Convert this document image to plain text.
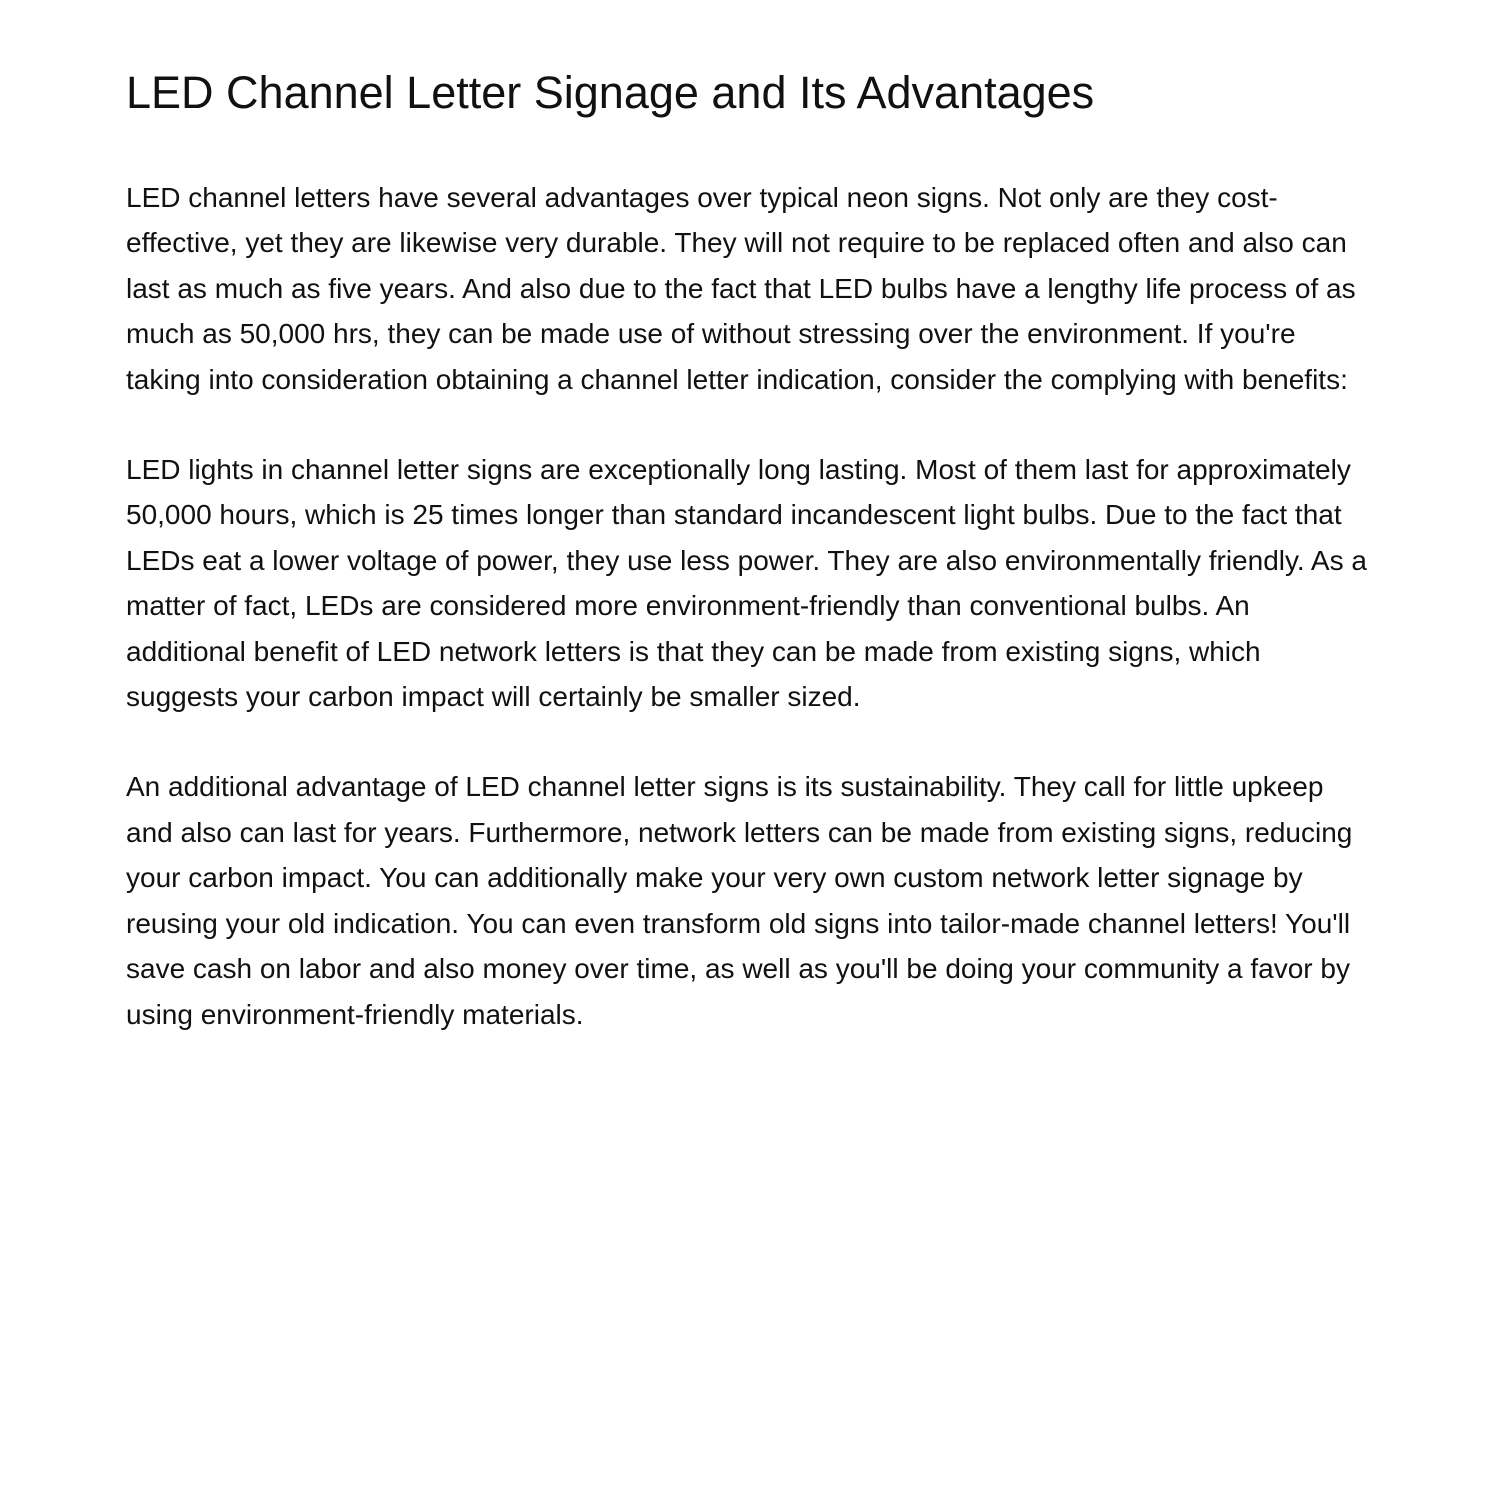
LED Channel Letter Signage and Its Advantages

LED channel letters have several advantages over typical neon signs. Not only are they cost-effective, yet they are likewise very durable. They will not require to be replaced often and also can last as much as five years. And also due to the fact that LED bulbs have a lengthy life process of as much as 50,000 hrs, they can be made use of without stressing over the environment. If you're taking into consideration obtaining a channel letter indication, consider the complying with benefits:

LED lights in channel letter signs are exceptionally long lasting. Most of them last for approximately 50,000 hours, which is 25 times longer than standard incandescent light bulbs. Due to the fact that LEDs eat a lower voltage of power, they use less power. They are also environmentally friendly. As a matter of fact, LEDs are considered more environment-friendly than conventional bulbs. An additional benefit of LED network letters is that they can be made from existing signs, which suggests your carbon impact will certainly be smaller sized.

An additional advantage of LED channel letter signs is its sustainability. They call for little upkeep and also can last for years. Furthermore, network letters can be made from existing signs, reducing your carbon impact. You can additionally make your very own custom network letter signage by reusing your old indication. You can even transform old signs into tailor-made channel letters! You'll save cash on labor and also money over time, as well as you'll be doing your community a favor by using environment-friendly materials.
